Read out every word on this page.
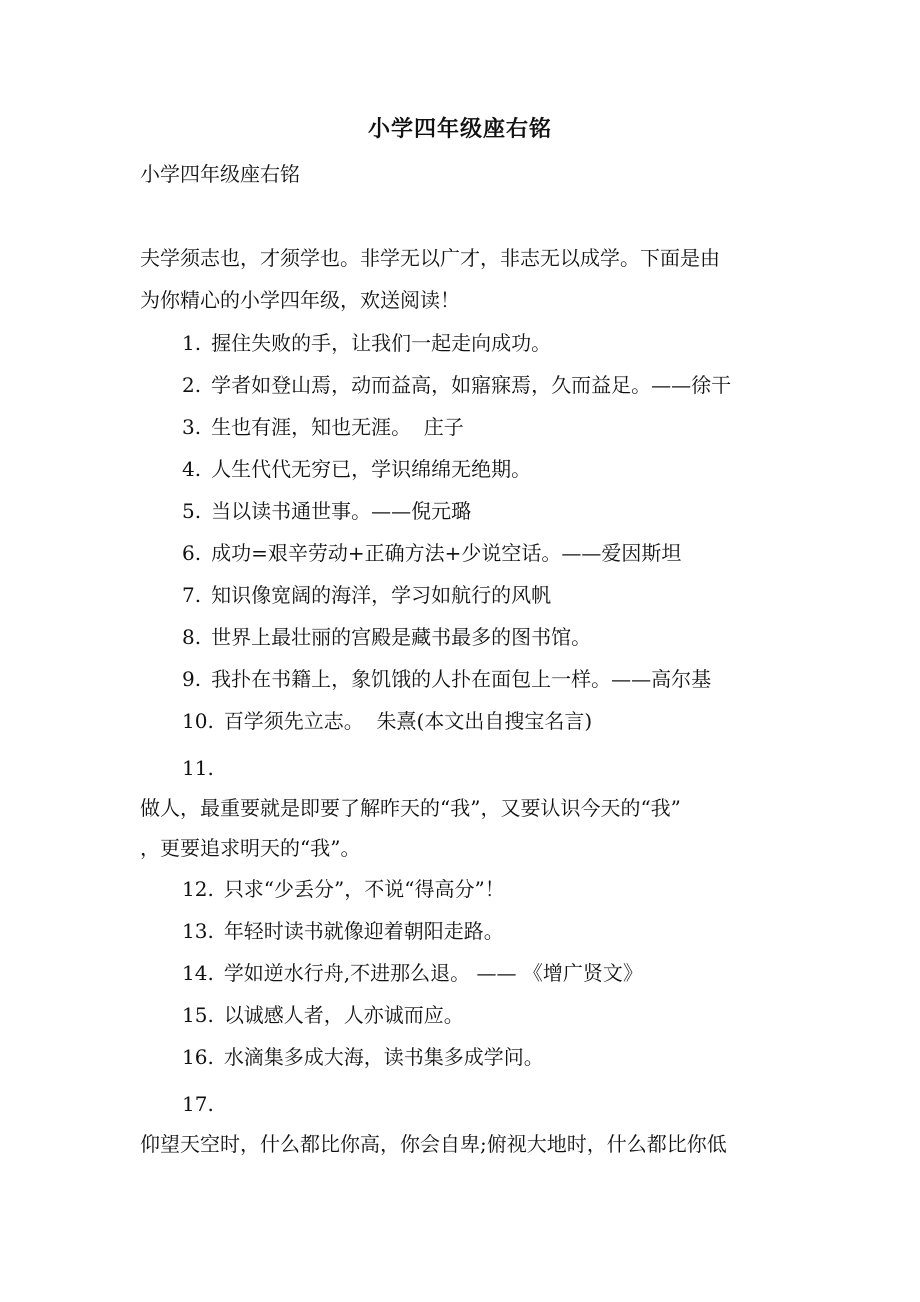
小学四年级座右铭
小学四年级座右铭
夫学须志也，才须学也。非学无以广才，非志无以成学。下面是由
为你精心的小学四年级，欢送阅读！
1. 握住失败的手，让我们一起走向成功。
2. 学者如登山焉，动而益高，如寤寐焉，久而益足。——徐干
3. 生也有涯，知也无涯。  庄子
4. 人生代代无穷已，学识绵绵无绝期。
5. 当以读书通世事。——倪元璐
6. 成功=艰辛劳动+正确方法+少说空话。——爱因斯坦
7. 知识像宽阔的海洋，学习如航行的风帆
8. 世界上最壮丽的宫殿是藏书最多的图书馆。
9. 我扑在书籍上，象饥饿的人扑在面包上一样。——高尔基
10. 百学须先立志。  朱熹(本文出自搜宝名言)
11.
做人，最重要就是即要了解昨天的“我”，又要认识今天的“我”
，更要追求明天的“我”。
12. 只求“少丢分”，不说“得高分”！
13. 年轻时读书就像迎着朝阳走路。
14. 学如逆水行舟,不进那么退。 —— 《增广贤文》
15. 以诚感人者，人亦诚而应。
16. 水滴集多成大海，读书集多成学问。
17.
仰望天空时，什么都比你高，你会自卑;俯视大地时，什么都比你低
